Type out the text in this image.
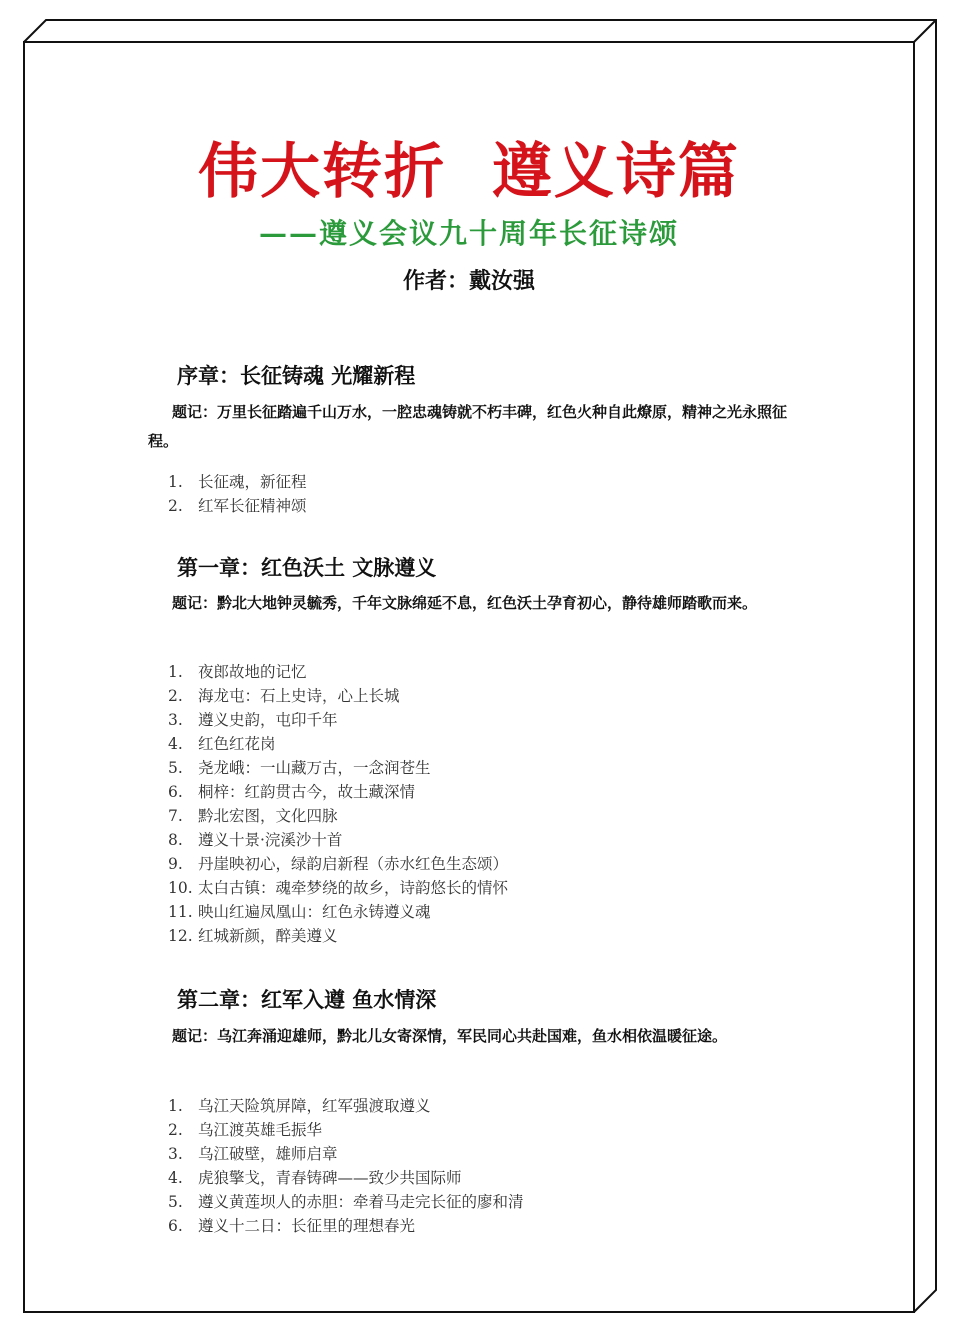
伟大转折  遵义诗篇
——遵义会议九十周年长征诗颂
作者：戴汝强
序章：长征铸魂 光耀新程
题记：万里长征踏遍千山万水，一腔忠魂铸就不朽丰碑，红色火种自此燎原，精神之光永照征程。
1. 长征魂，新征程
2. 红军长征精神颂
第一章：红色沃土 文脉遵义
题记：黔北大地钟灵毓秀，千年文脉绵延不息，红色沃土孕育初心，静待雄师踏歌而来。
1. 夜郎故地的记忆
2. 海龙屯：石上史诗，心上长城
3. 遵义史韵，屯印千年
4. 红色红花岗
5. 尧龙峨：一山藏万古，一念润苍生
6. 桐梓：红韵贯古今，故土藏深情
7. 黔北宏图，文化四脉
8. 遵义十景·浣溪沙十首
9. 丹崖映初心，绿韵启新程（赤水红色生态颂）
10. 太白古镇：魂牵梦绕的故乡，诗韵悠长的情怀
11. 映山红遍凤凰山：红色永铸遵义魂
12. 红城新颜，醉美遵义
第二章：红军入遵 鱼水情深
题记：乌江奔涌迎雄师，黔北儿女寄深情，军民同心共赴国难，鱼水相依温暖征途。
1. 乌江天险筑屏障，红军强渡取遵义
2. 乌江渡英雄毛振华
3. 乌江破壁，雄师启章
4. 虎狼擎戈，青春铸碑——致少共国际师
5. 遵义黄莲坝人的赤胆：牵着马走完长征的廖和清
6. 遵义十二日：长征里的理想春光
